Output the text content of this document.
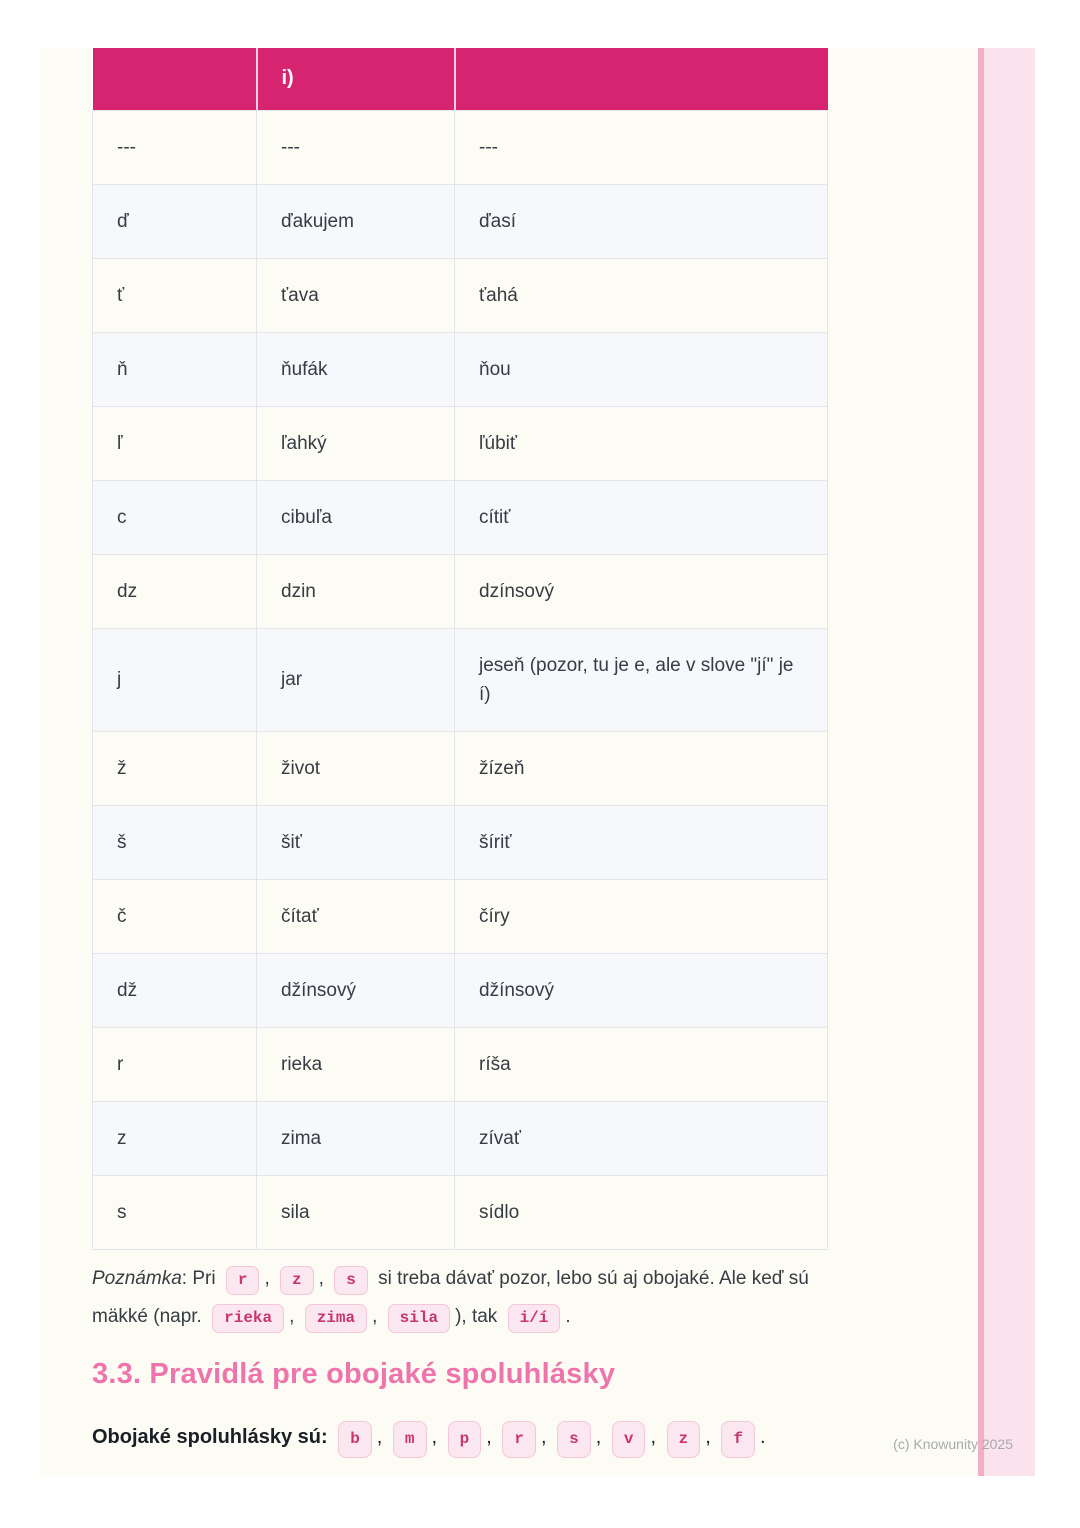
	i)	
---	---	---
ď	ďakujem	ďasí
ť	ťava	ťahá
ň	ňufák	ňou
ľ	ľahký	ľúbiť
c	cibuľa	cítiť
dz	dzin	dzínsový
j	jar	jeseň (pozor, tu je e, ale v slove "jí" je í)
ž	život	žízeň
š	šiť	šíriť
č	čítať	číry
dž	džínsový	džínsový
r	rieka	ríša
z	zima	zívať
s	sila	sídlo

Poznámka: Pri r , z , s si treba dávať pozor, lebo sú aj obojaké. Ale keď sú mäkké (napr. rieka , zima , sila ), tak i/í .

3.3. Pravidlá pre obojaké spoluhlásky

Obojaké spoluhlásky sú: b , m , p , r , s , v , z , f .	(c) Knowunity 2025
